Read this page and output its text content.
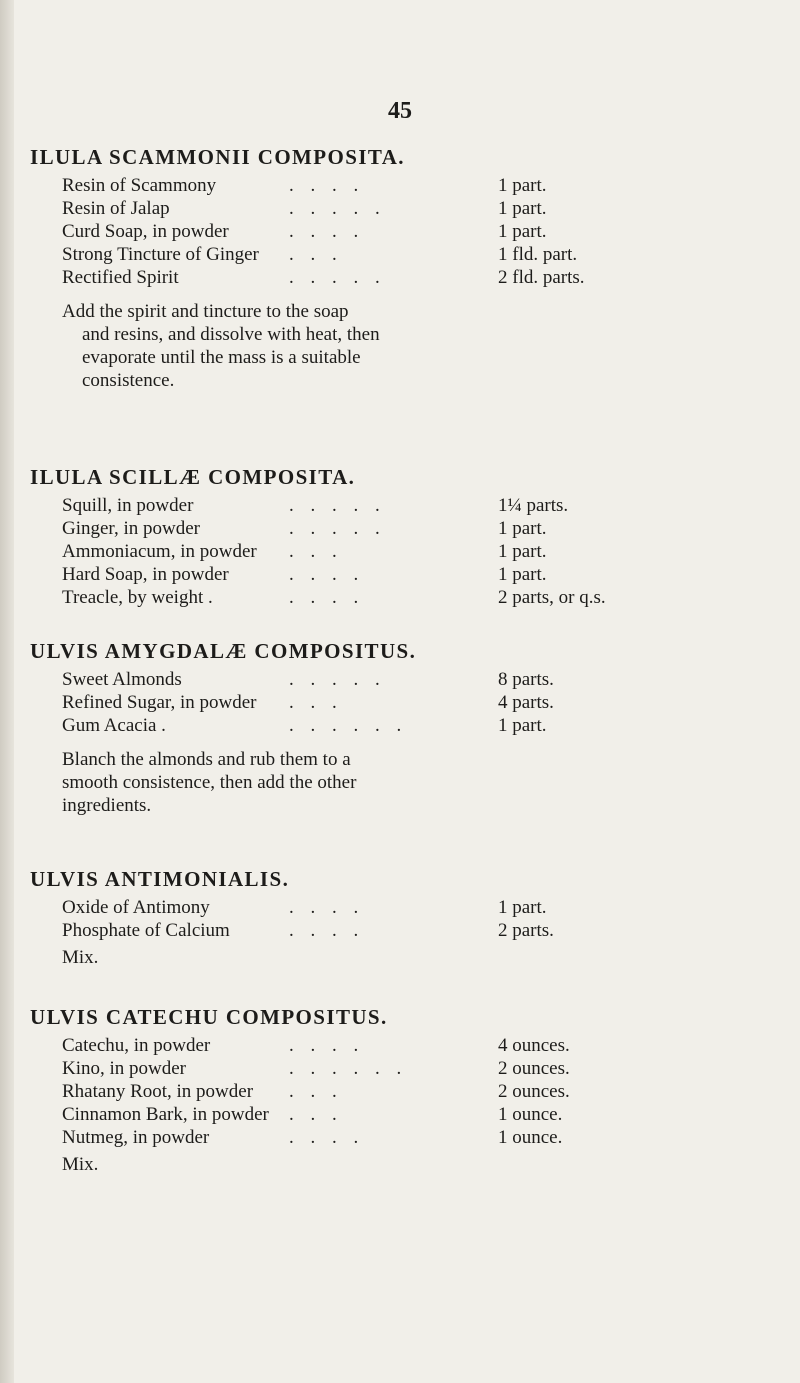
45
ILULA SCAMMONII COMPOSITA.
Resin of Scammony	. . . .	1 part.
Resin of Jalap	. . . . .	1 part.
Curd Soap, in powder	. . . .	1 part.
Strong Tincture of Ginger	. . .	1 fld. part.
Rectified Spirit	. . . . .	2 fld. parts.
Add the spirit and tincture to the soap
and resins, and dissolve with heat, then
evaporate until the mass is a suitable
consistence.
ILULA SCILLÆ COMPOSITA.
Squill, in powder	. . . . .	1¼ parts.
Ginger, in powder	. . . . .	1 part.
Ammoniacum, in powder	. . .	1 part.
Hard Soap, in powder	. . . .	1 part.
Treacle, by weight .	. . . .	2 parts, or q.s.
ULVIS AMYGDALÆ COMPOSITUS.
Sweet Almonds	. . . . .	8 parts.
Refined Sugar, in powder	. . .	4 parts.
Gum Acacia .	. . . . . .	1 part.
Blanch the almonds and rub them to a
smooth consistence, then add the other
ingredients.
ULVIS ANTIMONIALIS.
Oxide of Antimony	. . . .	1 part.
Phosphate of Calcium	. . . .	2 parts.
Mix.
ULVIS CATECHU COMPOSITUS.
Catechu, in powder	. . . .	4 ounces.
Kino, in powder	. . . . . .	2 ounces.
Rhatany Root, in powder	. . .	2 ounces.
Cinnamon Bark, in powder	. . .	1 ounce.
Nutmeg, in powder	. . . .	1 ounce.
Mix.
